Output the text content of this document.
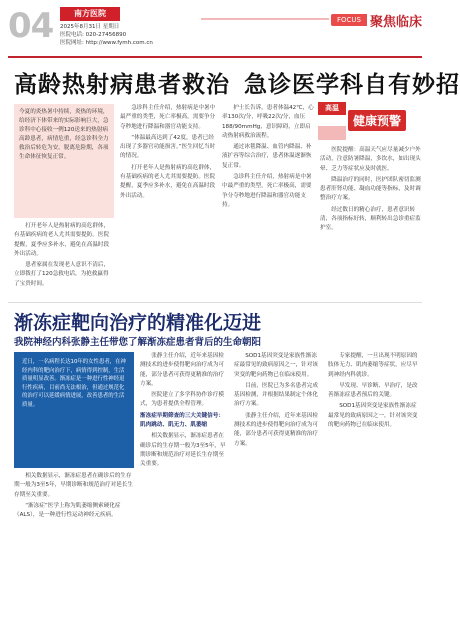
04	南方医院
2025年8月31日 星期日
医院电话: 020-27456890
医院网址: http://www.fymh.com.cn
FOCUS 聚焦临床
高龄热射病患者救治 急诊医学科自有妙招
今夏的炎热暑中持续，炎热的环境，给经济下体带来的实际影响巨大，急诊科中心接收一例120送来的热射病高龄患者，病情危重，经急诊科全力救治后转危为安，脱离危险期，各项生命体征恢复正常。

打开老年人是热射病的高危群体，有基础疾病的老人尤其需要提防。医院提醒，夏季应多补水，避免在高温时段外出活动。

患者家属在发现老人意识不清后，立即拨打了120急救电话，为抢救赢得了宝贵时间。

急诊科主任介绍，热射病是中暑中最严重的类型，死亡率极高，需要争分夺秒地进行降温和器官功能支持。

“体温最高达到了42度，患者已经出现了多器官功能损害。”医生回忆当时的情况。

打开老年人是热射病的高危群体，有基础疾病的老人尤其需要提防。医院提醒，夏季应多补水，避免在高温时段外出活动。

护士长告诉，患者体温42℃，心率130次/分，呼吸22次/分，血压188/90mmHg，意识障碍，立即启动热射病救治流程。

通过冰毯降温、血管内降温、补液扩容等综合治疗，患者体温逐渐恢复正常。

急诊科主任介绍，热射病是中暑中最严重的类型，死亡率极高，需要争分夺秒地进行降温和器官功能支持。

高温
健康预警

医院提醒：高温天气应尽量减少户外活动，注意防暑降温，多饮水，如出现头晕、乏力等症状应及时就医。

降温治疗的同时，医护团队密切监测患者肝肾功能、凝血功能等指标，及时调整治疗方案。

经过数日的精心治疗，患者意识转清，各项指标好转，顺利转出急诊重症监护室。

渐冻症靶向治疗的精准化迈进
我院神经内科张静主任带您了解渐冻症患者背后的生命朝阳
近日，一名病程长达10年的女性患者，在神经内科的靶向治疗下，病情得到控制，生活质量明显改善。渐冻症是一种进行性神经退行性疾病，目前尚无法根治，但通过规范化的治疗可以延缓病情进展，改善患者的生活质量。

相关数据显示，渐冻症患者在确诊后的生存期一般为3至5年，早期诊断和规范治疗对延长生存期至关重要。

“渐冻症”医学上称为肌萎缩侧索硬化症（ALS），是一种进行性运动神经元疾病。

张静主任介绍，近年来基因检测技术的进步使得靶向治疗成为可能，部分患者可获得更精准的治疗方案。

医院建立了多学科协作诊疗模式，为患者提供全程管理。

渐冻症早期筛查的三大关键信号：肌肉跳动、肌无力、肌萎缩

相关数据显示，渐冻症患者在确诊后的生存期一般为3至5年，早期诊断和规范治疗对延长生存期至关重要。

SOD1基因突变是家族性渐冻症最常见的致病原因之一，针对该突变的靶向药物已在临床使用。

目前，医院已为多名患者完成基因检测，并根据结果制定个体化治疗方案。

张静主任介绍，近年来基因检测技术的进步使得靶向治疗成为可能，部分患者可获得更精准的治疗方案。

专家提醒，一旦出现不明原因的肢体无力、肌肉萎缩等症状，应尽早到神经内科就诊。

早发现、早诊断、早治疗，是改善渐冻症患者预后的关键。

SOD1基因突变是家族性渐冻症最常见的致病原因之一，针对该突变的靶向药物已在临床使用。
